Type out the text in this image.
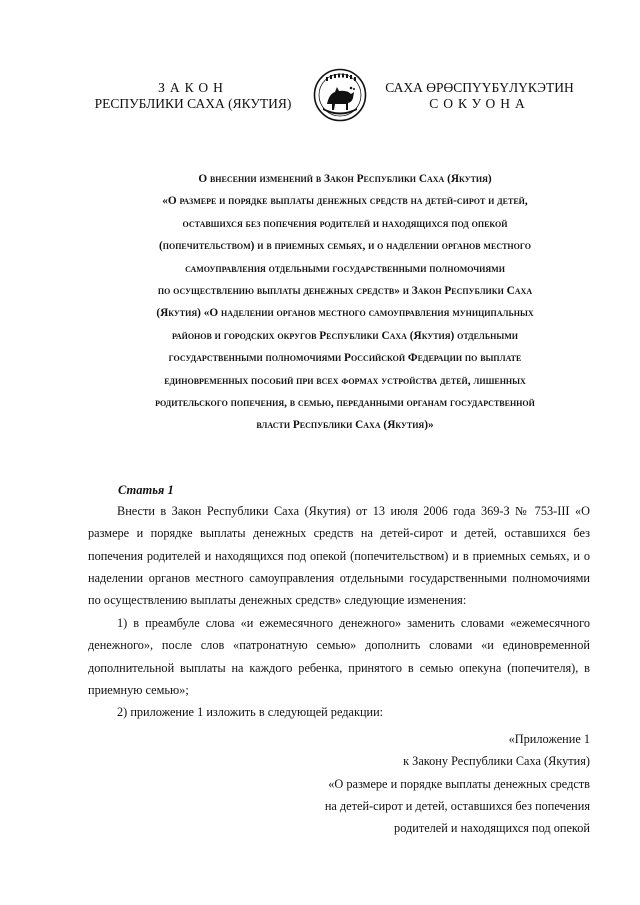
ЗАКОН
РЕСПУБЛИКИ САХА (ЯКУТИЯ)
САХА ӨРӨСПҮҮБҮЛҮКЭТИН
СОКУОНА
О внесении изменений в Закон Республики Саха (Якутия)
«О размере и порядке выплаты денежных средств на детей-сирот и детей,
оставшихся без попечения родителей и находящихся под опекой
(попечительством) и в приемных семьях, и о наделении органов местного
самоуправления отдельными государственными полномочиями
по осуществлению выплаты денежных средств» и Закон Республики Саха
(Якутия) «О наделении органов местного самоуправления муниципальных
районов и городских округов Республики Саха (Якутия) отдельными
государственными полномочиями Российской Федерации по выплате
единовременных пособий при всех формах устройства детей, лишенных
родительского попечения, в семью, переданными органам государственной
власти Республики Саха (Якутия)»
Статья 1

Внести в Закон Республики Саха (Якутия) от 13 июля 2006 года 369-З № 753-III «О размере и порядке выплаты денежных средств на детей-сирот и детей, оставшихся без попечения родителей и находящихся под опекой (попечительством) и в приемных семьях, и о наделении органов местного самоуправления отдельными государственными полномочиями по осуществлению выплаты денежных средств» следующие изменения:

1) в преамбуле слова «и ежемесячного денежного» заменить словами «ежемесячного денежного», после слов «патронатную семью» дополнить словами «и единовременной дополнительной выплаты на каждого ребенка, принятого в семью опекуна (попечителя), в приемную семью»;

2) приложение 1 изложить в следующей редакции:

«Приложение 1
к Закону Республики Саха (Якутия)
«О размере и порядке выплаты денежных средств
на детей-сирот и детей, оставшихся без попечения
родителей и находящихся под опекой
